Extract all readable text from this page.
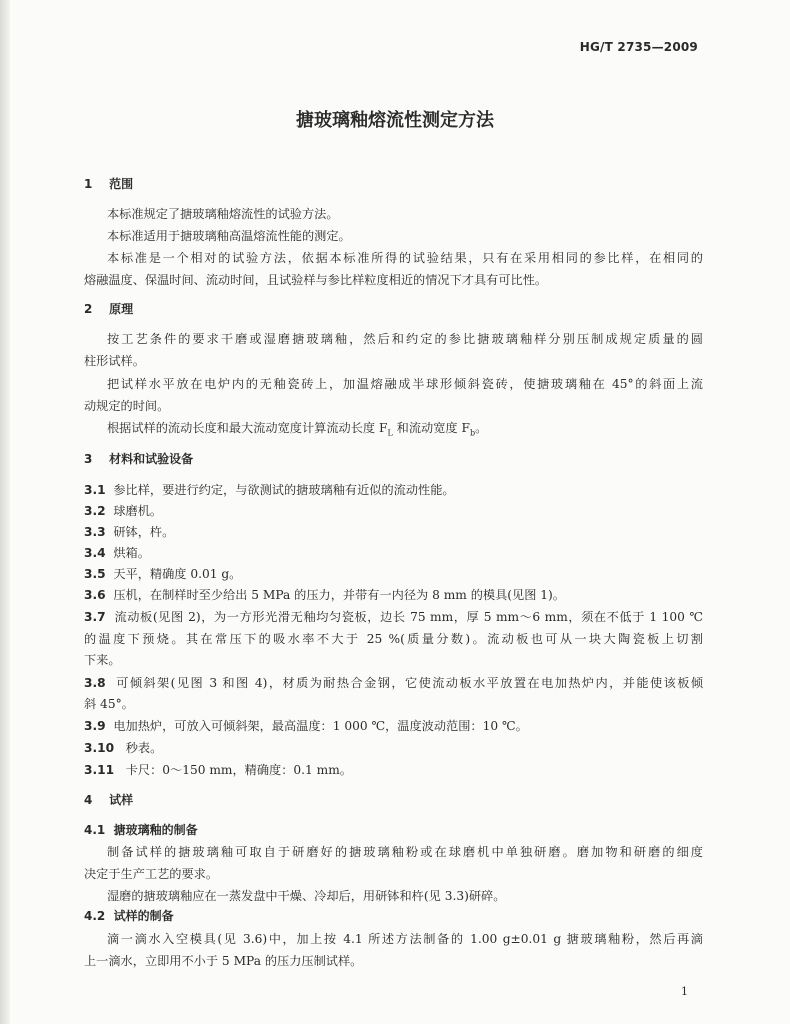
HG/T 2735—2009
搪玻璃釉熔流性测定方法
1 范围
本标准规定了搪玻璃釉熔流性的试验方法。
本标准适用于搪玻璃釉高温熔流性能的测定。
本标准是一个相对的试验方法，依据本标准所得的试验结果，只有在采用相同的参比样，在相同的
熔融温度、保温时间、流动时间，且试验样与参比样粒度相近的情况下才具有可比性。
2 原理
按工艺条件的要求干磨或湿磨搪玻璃釉，然后和约定的参比搪玻璃釉样分别压制成规定质量的圆
柱形试样。
把试样水平放在电炉内的无釉瓷砖上，加温熔融成半球形倾斜瓷砖，使搪玻璃釉在 45°的斜面上流
动规定的时间。
根据试样的流动长度和最大流动宽度计算流动长度 $F_L$ 和流动宽度 $F_b$。
3 材料和试验设备
3.1 参比样，要进行约定，与欲测试的搪玻璃釉有近似的流动性能。
3.2 球磨机。
3.3 研钵，杵。
3.4 烘箱。
3.5 天平，精确度 0.01 g。
3.6 压机，在制样时至少给出 5 MPa 的压力，并带有一内径为 8 mm 的模具(见图 1)。
3.7 流动板(见图 2)，为一方形光滑无釉均匀瓷板，边长 75 mm，厚 5 mm～6 mm，须在不低于 1 100 ℃
的温度下预烧。其在常压下的吸水率不大于 25 %(质量分数)。流动板也可从一块大陶瓷板上切割
下来。
3.8 可倾斜架(见图 3 和图 4)，材质为耐热合金钢，它使流动板水平放置在电加热炉内，并能使该板倾
斜 45°。
3.9 电加热炉，可放入可倾斜架，最高温度：1 000 ℃，温度波动范围：10 ℃。
3.10 秒表。
3.11 卡尺：0～150 mm，精确度：0.1 mm。
4 试样
4.1 搪玻璃釉的制备
制备试样的搪玻璃釉可取自于研磨好的搪玻璃釉粉或在球磨机中单独研磨。磨加物和研磨的细度
决定于生产工艺的要求。
湿磨的搪玻璃釉应在一蒸发盘中干燥、冷却后，用研钵和杵(见 3.3)研碎。
4.2 试样的制备
滴一滴水入空模具(见 3.6)中，加上按 4.1 所述方法制备的 1.00 g±0.01 g 搪玻璃釉粉，然后再滴
上一滴水，立即用不小于 5 MPa 的压力压制试样。
1
